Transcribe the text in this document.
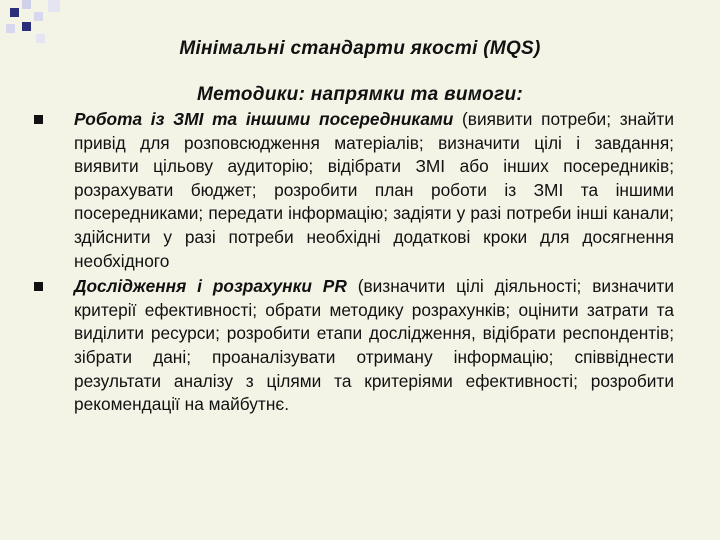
Мінімальні стандарти якості (MQS)
Методики: напрямки та вимоги:
Робота із ЗМІ та іншими посередниками (виявити потреби; знайти привід для розповсюдження матеріалів; визначити цілі і завдання; виявити цільову аудиторію; відібрати ЗМІ або інших посередників; розрахувати бюджет; розробити план роботи із ЗМІ та іншими посередниками; передати інформацію; задіяти у разі потреби інші канали; здійснити у разі потреби необхідні додаткові кроки для досягнення необхідного
Дослідження і розрахунки PR (визначити цілі діяльності; визначити критерії ефективності; обрати методику розрахунків; оцінити затрати та виділити ресурси; розробити етапи дослідження, відібрати респондентів; зібрати дані; проаналізувати отриману інформацію; співвіднести результати аналізу з цілями та критеріями ефективності; розробити рекомендації на майбутнє.
